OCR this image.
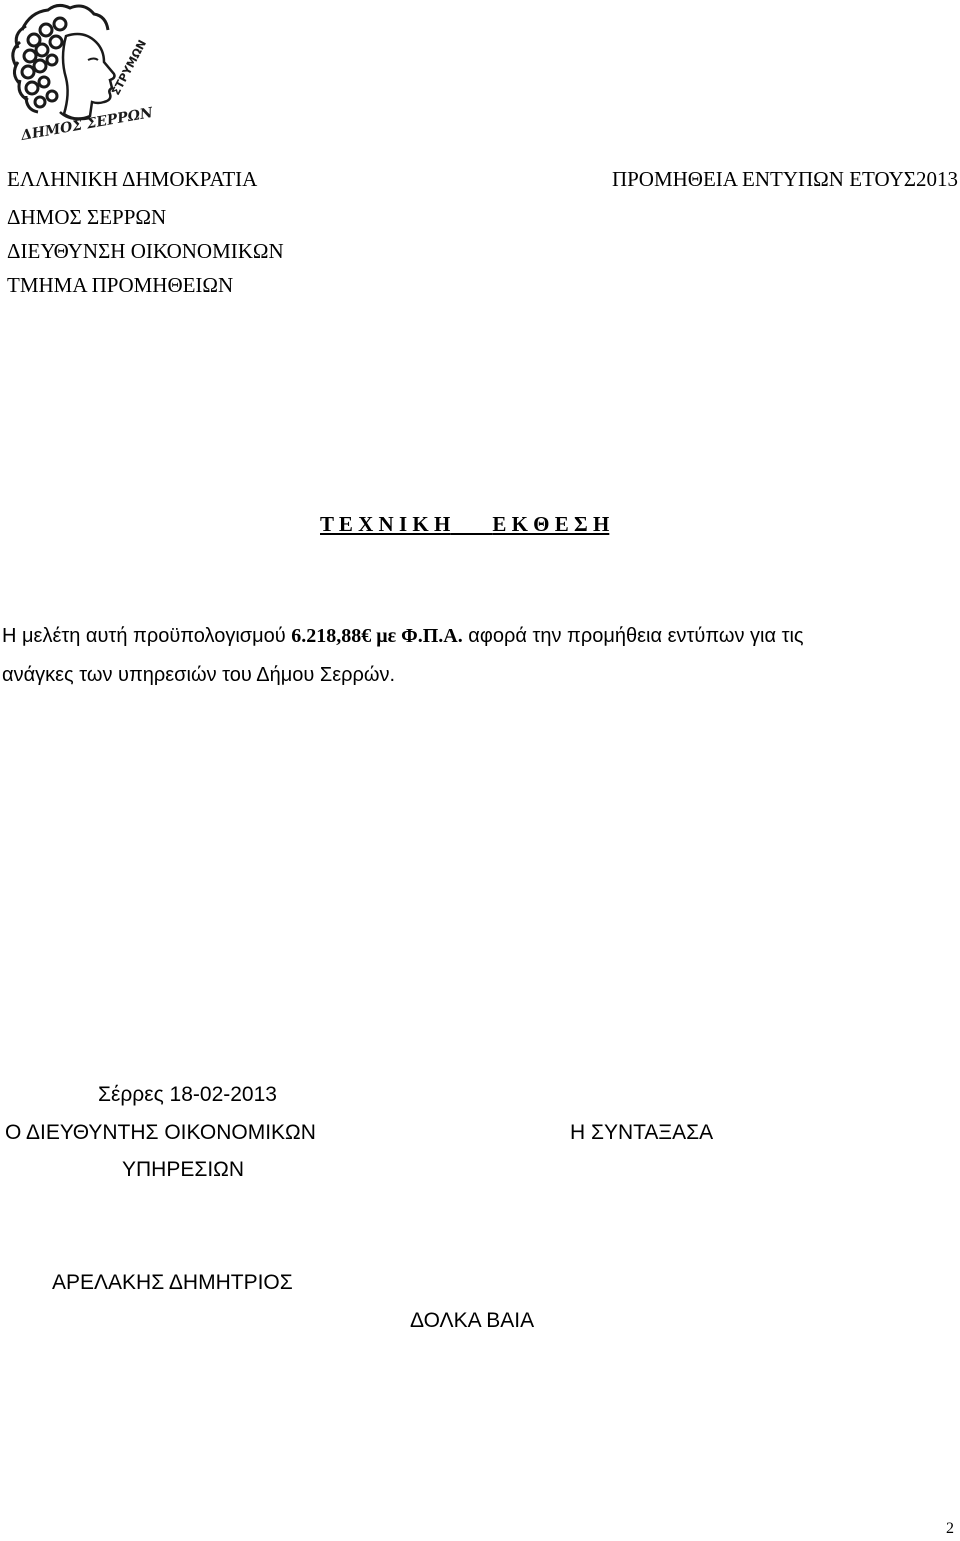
ΣΤΡΥΜΩΝ
ΔΗΜΟΣ ΣΕΡΡΩΝ
ΕΛΛΗΝΙΚΗ ΔΗΜΟΚΡΑΤΙΑ
ΔΗΜΟΣ ΣΕΡΡΩΝ
ΔΙΕΥΘΥΝΣΗ ΟΙΚΟΝΟΜΙΚΩΝ
ΤΜΗΜΑ ΠΡΟΜΗΘΕΙΩΝ
ΠΡΟΜΗΘΕΙΑ ΕΝΤΥΠΩΝ ΕΤΟΥΣ2013
Τ Ε Χ Ν Ι Κ Η Ε Κ Θ Ε Σ Η
Η μελέτη αυτή προϋπολογισμού 6.218,88€ με Φ.Π.Α. αφορά την προμήθεια εντύπων για τις
ανάγκες των υπηρεσιών του Δήμου Σερρών.
Σέρρες 18-02-2013
Ο ΔΙΕΥΘΥΝΤΗΣ ΟΙΚΟΝΟΜΙΚΩΝ
ΥΠΗΡΕΣΙΩΝ
Η ΣΥΝΤΑΞΑΣΑ
ΑΡΕΛΑΚΗΣ ΔΗΜΗΤΡΙΟΣ
ΔΟΛΚΑ ΒΑΙΑ
2
